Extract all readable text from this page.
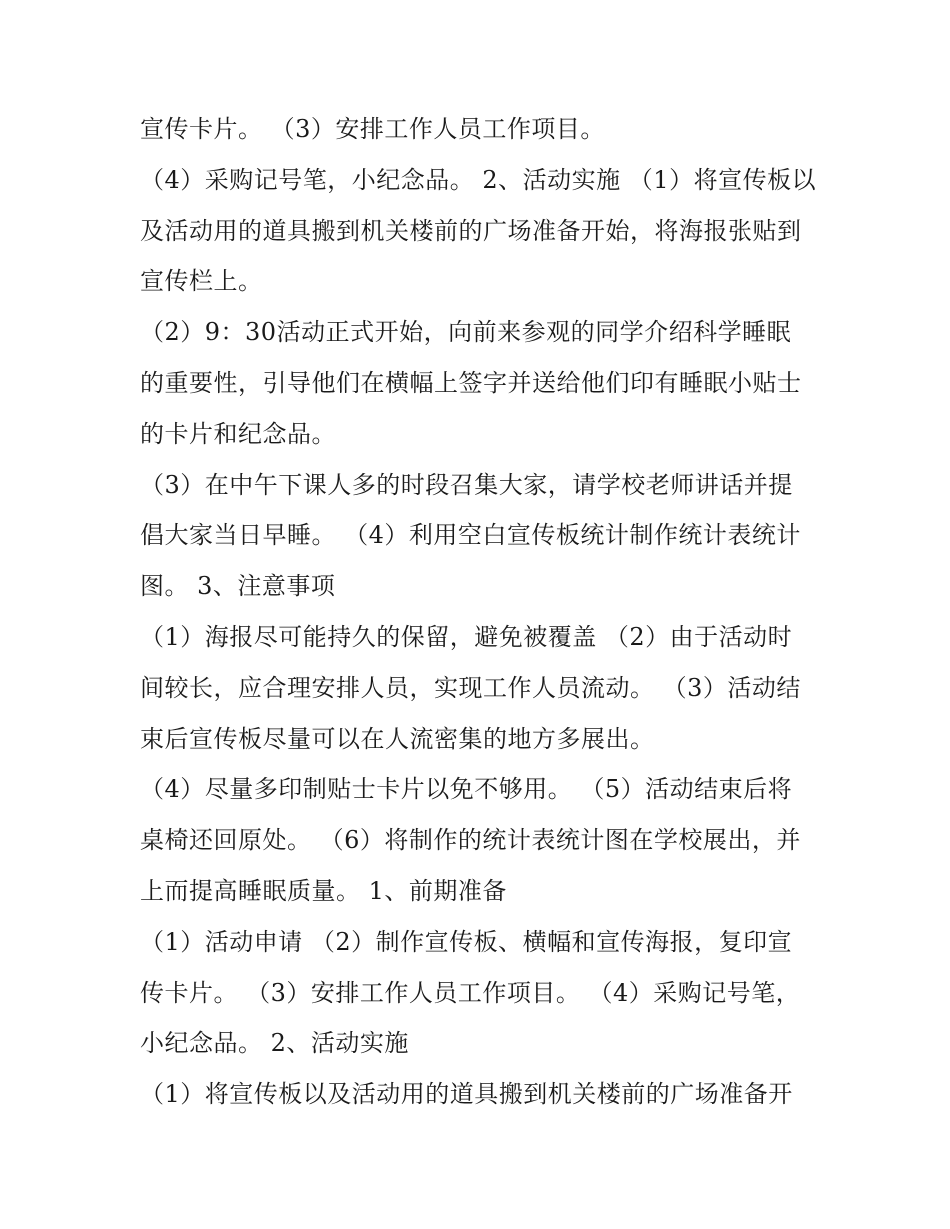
宣传卡片。 （3）安排工作人员工作项目。
（4）采购记号笔，小纪念品。 2、活动实施 （1）将宣传板以
及活动用的道具搬到机关楼前的广场准备开始，将海报张贴到
宣传栏上。
（2）9：30活动正式开始，向前来参观的同学介绍科学睡眠
的重要性，引导他们在横幅上签字并送给他们印有睡眠小贴士
的卡片和纪念品。
（3）在中午下课人多的时段召集大家，请学校老师讲话并提
倡大家当日早睡。 （4）利用空白宣传板统计制作统计表统计
图。 3、注意事项
（1）海报尽可能持久的保留，避免被覆盖 （2）由于活动时
间较长，应合理安排人员，实现工作人员流动。 （3）活动结
束后宣传板尽量可以在人流密集的地方多展出。
（4）尽量多印制贴士卡片以免不够用。 （5）活动结束后将
桌椅还回原处。 （6）将制作的统计表统计图在学校展出，并
上而提高睡眠质量。 1、前期准备
（1）活动申请 （2）制作宣传板、横幅和宣传海报，复印宣
传卡片。 （3）安排工作人员工作项目。 （4）采购记号笔，
小纪念品。 2、活动实施
（1）将宣传板以及活动用的道具搬到机关楼前的广场准备开
